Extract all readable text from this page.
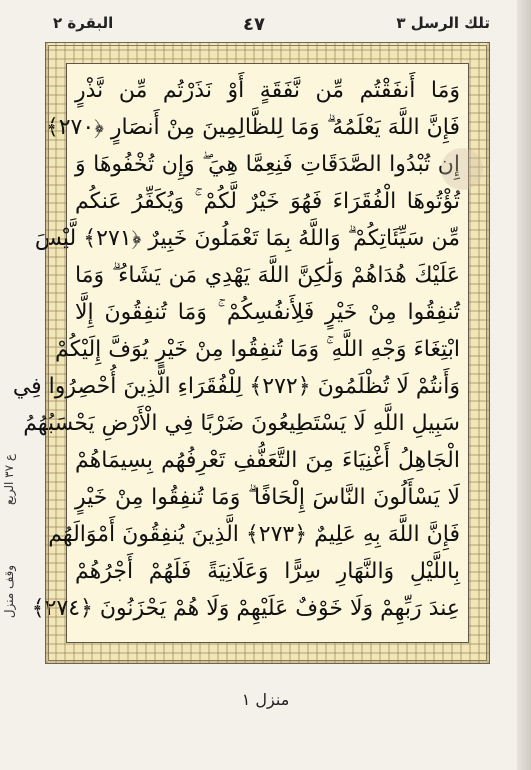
البقرة ٢	٤٧	تلك الرسل ٣
وَمَا أَنفَقْتُم مِّن نَّفَقَةٍ أَوْ نَذَرْتُم مِّن نَّذْرٍ
فَإِنَّ اللَّهَ يَعْلَمُهُ ۗ وَمَا لِلظَّالِمِينَ مِنْ أَنصَارٍ ﴿٢٧٠﴾
إِن تُبْدُوا الصَّدَقَاتِ فَنِعِمَّا هِيَ ۖ وَإِن تُخْفُوهَا وَ
تُؤْتُوهَا الْفُقَرَاءَ فَهُوَ خَيْرٌ لَّكُمْ ۚ وَيُكَفِّرُ عَنكُم
مِّن سَيِّئَاتِكُمْ ۗ وَاللَّهُ بِمَا تَعْمَلُونَ خَبِيرٌ ﴿٢٧١﴾ لَّيْسَ
عَلَيْكَ هُدَاهُمْ وَلَٰكِنَّ اللَّهَ يَهْدِي مَن يَشَاءُ ۗ وَمَا
تُنفِقُوا مِنْ خَيْرٍ فَلِأَنفُسِكُمْ ۚ وَمَا تُنفِقُونَ إِلَّا
ابْتِغَاءَ وَجْهِ اللَّهِ ۚ وَمَا تُنفِقُوا مِنْ خَيْرٍ يُوَفَّ إِلَيْكُمْ
وَأَنتُمْ لَا تُظْلَمُونَ ﴿٢٧٢﴾ لِلْفُقَرَاءِ الَّذِينَ أُحْصِرُوا فِي
سَبِيلِ اللَّهِ لَا يَسْتَطِيعُونَ ضَرْبًا فِي الْأَرْضِ يَحْسَبُهُمُ
الْجَاهِلُ أَغْنِيَاءَ مِنَ التَّعَفُّفِ تَعْرِفُهُم بِسِيمَاهُمْ
لَا يَسْأَلُونَ النَّاسَ إِلْحَافًا ۗ وَمَا تُنفِقُوا مِنْ خَيْرٍ
فَإِنَّ اللَّهَ بِهِ عَلِيمٌ ﴿٢٧٣﴾ الَّذِينَ يُنفِقُونَ أَمْوَالَهُم
بِاللَّيْلِ وَالنَّهَارِ سِرًّا وَعَلَانِيَةً فَلَهُمْ أَجْرُهُمْ
عِندَ رَبِّهِمْ وَلَا خَوْفٌ عَلَيْهِمْ وَلَا هُمْ يَحْزَنُونَ ﴿٢٧٤﴾
ع ٣٧ الربع
وقف منزل
منزل ١
